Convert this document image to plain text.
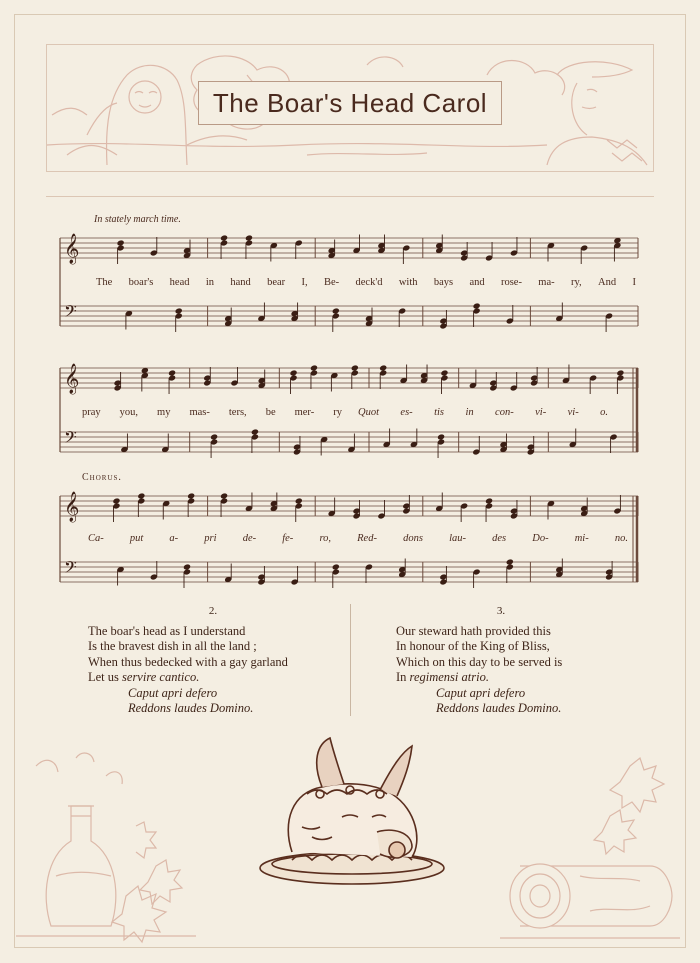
The Boar's Head Carol
In stately march time.
Chorus.
𝄞
𝄢
𝄞
𝄢
𝄞
𝄢
The boar's head in hand bear I, Be- deck'd with bays and rose- ma- ry, And I
pray you, my mas- ters, be mer- ry Quot es- tis in con- vi- vi- o.
Ca- put a- pri de- fe- ro, Red- dons lau- des Do- mi- no.
2.
The boar's head as I understand
Is the bravest dish in all the land ;
When thus bedecked with a gay garland
Let us servire cantico.
Caput apri defero
Reddons laudes Domino.
3.
Our steward hath provided this
In honour of the King of Bliss,
Which on this day to be served is
In regimensi atrio.
Caput apri defero
Reddons laudes Domino.
